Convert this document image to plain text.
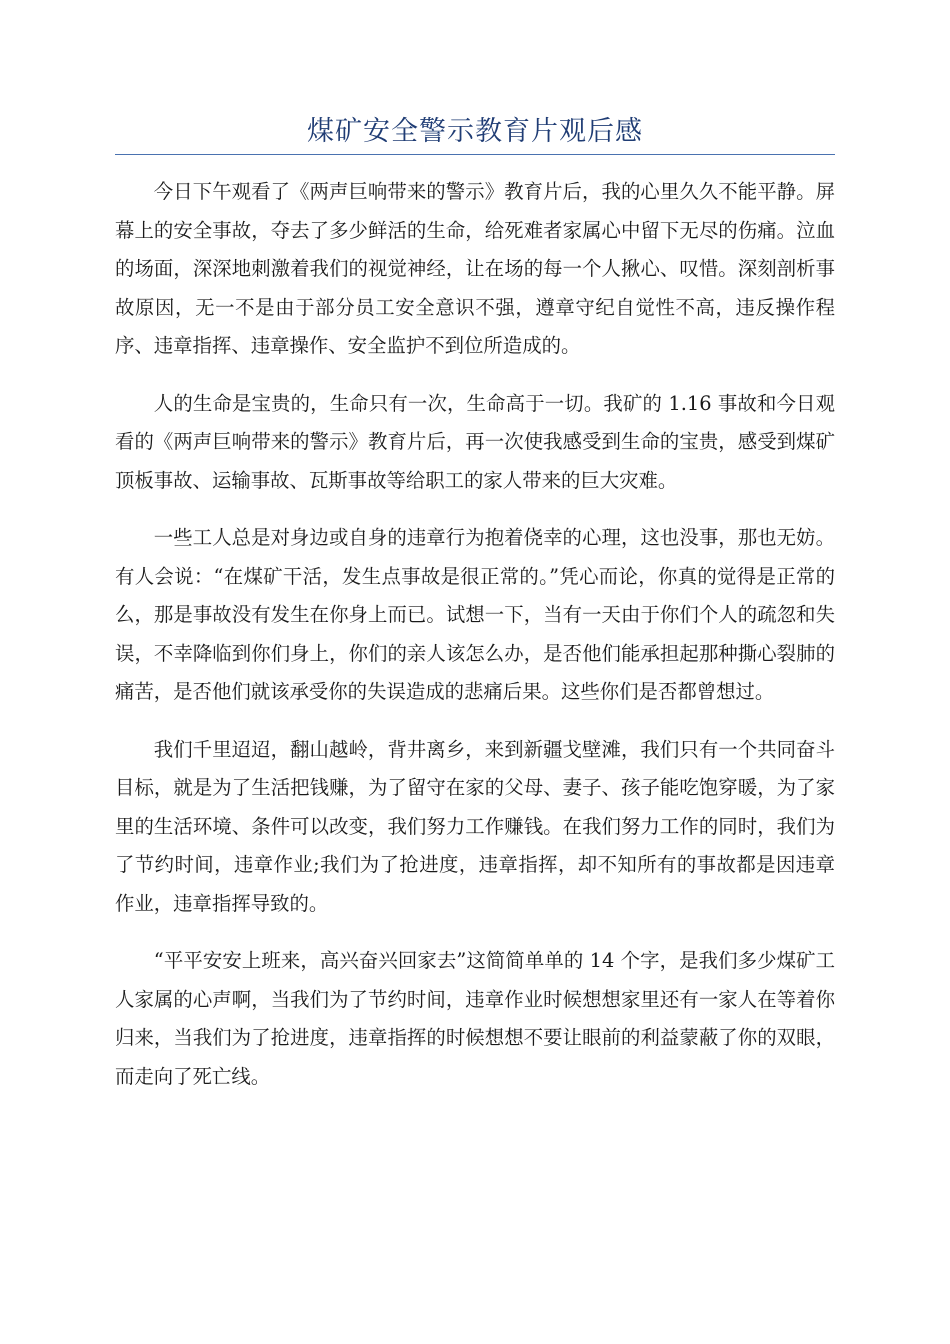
煤矿安全警示教育片观后感

今日下午观看了《两声巨响带来的警示》教育片后，我的心里久久不能平静。屏幕上的安全事故，夺去了多少鲜活的生命，给死难者家属心中留下无尽的伤痛。泣血的场面，深深地刺激着我们的视觉神经，让在场的每一个人揪心、叹惜。深刻剖析事故原因，无一不是由于部分员工安全意识不强，遵章守纪自觉性不高，违反操作程序、违章指挥、违章操作、安全监护不到位所造成的。

人的生命是宝贵的，生命只有一次，生命高于一切。我矿的 1.16 事故和今日观看的《两声巨响带来的警示》教育片后，再一次使我感受到生命的宝贵，感受到煤矿顶板事故、运输事故、瓦斯事故等给职工的家人带来的巨大灾难。

一些工人总是对身边或自身的违章行为抱着侥幸的心理，这也没事，那也无妨。有人会说：“在煤矿干活，发生点事故是很正常的。”凭心而论，你真的觉得是正常的么，那是事故没有发生在你身上而已。试想一下，当有一天由于你们个人的疏忽和失误，不幸降临到你们身上，你们的亲人该怎么办，是否他们能承担起那种撕心裂肺的痛苦，是否他们就该承受你的失误造成的悲痛后果。这些你们是否都曾想过。

我们千里迢迢，翻山越岭，背井离乡，来到新疆戈壁滩，我们只有一个共同奋斗目标，就是为了生活把钱赚，为了留守在家的父母、妻子、孩子能吃饱穿暖，为了家里的生活环境、条件可以改变，我们努力工作赚钱。在我们努力工作的同时，我们为了节约时间，违章作业;我们为了抢进度，违章指挥，却不知所有的事故都是因违章作业，违章指挥导致的。

“平平安安上班来，高兴奋兴回家去”这简简单单的 14 个字，是我们多少煤矿工人家属的心声啊，当我们为了节约时间，违章作业时候想想家里还有一家人在等着你归来，当我们为了抢进度，违章指挥的时候想想不要让眼前的利益蒙蔽了你的双眼，而走向了死亡线。
